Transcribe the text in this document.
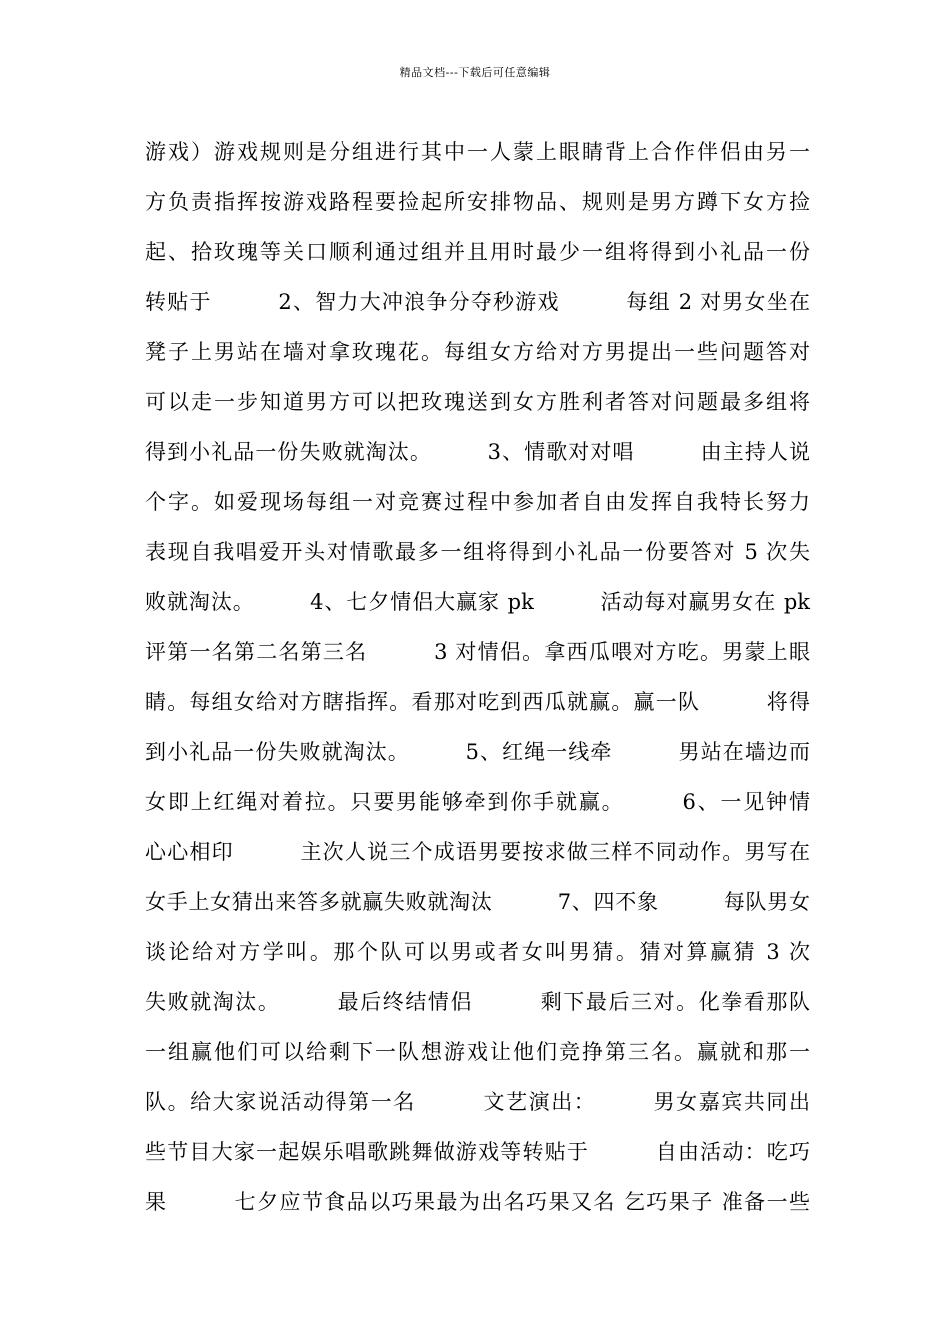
精品文档---下载后可任意编辑
游戏）游戏规则是分组进行其中一人蒙上眼睛背上合作伴侣由另一
方负责指挥按游戏路程要捡起所安排物品、规则是男方蹲下女方捡
起、拾玫瑰等关口顺利通过组并且用时最少一组将得到小礼品一份
转贴于　　　2、智力大冲浪争分夺秒游戏　　　每组 2 对男女坐在
凳子上男站在墙对拿玫瑰花。每组女方给对方男提出一些问题答对
可以走一步知道男方可以把玫瑰送到女方胜利者答对问题最多组将
得到小礼品一份失败就淘汰。　　　3、情歌对对唱　　　由主持人说
个字。如爱现场每组一对竞赛过程中参加者自由发挥自我特长努力
表现自我唱爱开头对情歌最多一组将得到小礼品一份要答对 5 次失
败就淘汰。　　　4、七夕情侣大赢家 pk　　　活动每对赢男女在 pk
评第一名第二名第三名　　　3 对情侣。拿西瓜喂对方吃。男蒙上眼
睛。每组女给对方瞎指挥。看那对吃到西瓜就赢。赢一队　　　将得
到小礼品一份失败就淘汰。　　　5、红绳一线牵　　　男站在墙边而
女即上红绳对着拉。只要男能够牵到你手就赢。　　　6、一见钟情
心心相印　　　主次人说三个成语男要按求做三样不同动作。男写在
女手上女猜出来答多就赢失败就淘汰　　　7、四不象　　　每队男女
谈论给对方学叫。那个队可以男或者女叫男猜。猜对算赢猜 3 次
失败就淘汰。　　　最后终结情侣　　　剩下最后三对。化拳看那队
一组赢他们可以给剩下一队想游戏让他们竞挣第三名。赢就和那一
队。给大家说活动得第一名　　　文艺演出：　　　男女嘉宾共同出
些节目大家一起娱乐唱歌跳舞做游戏等转贴于　　　自由活动：吃巧
果　　　七夕应节食品以巧果最为出名巧果又名 乞巧果子 准备一些
